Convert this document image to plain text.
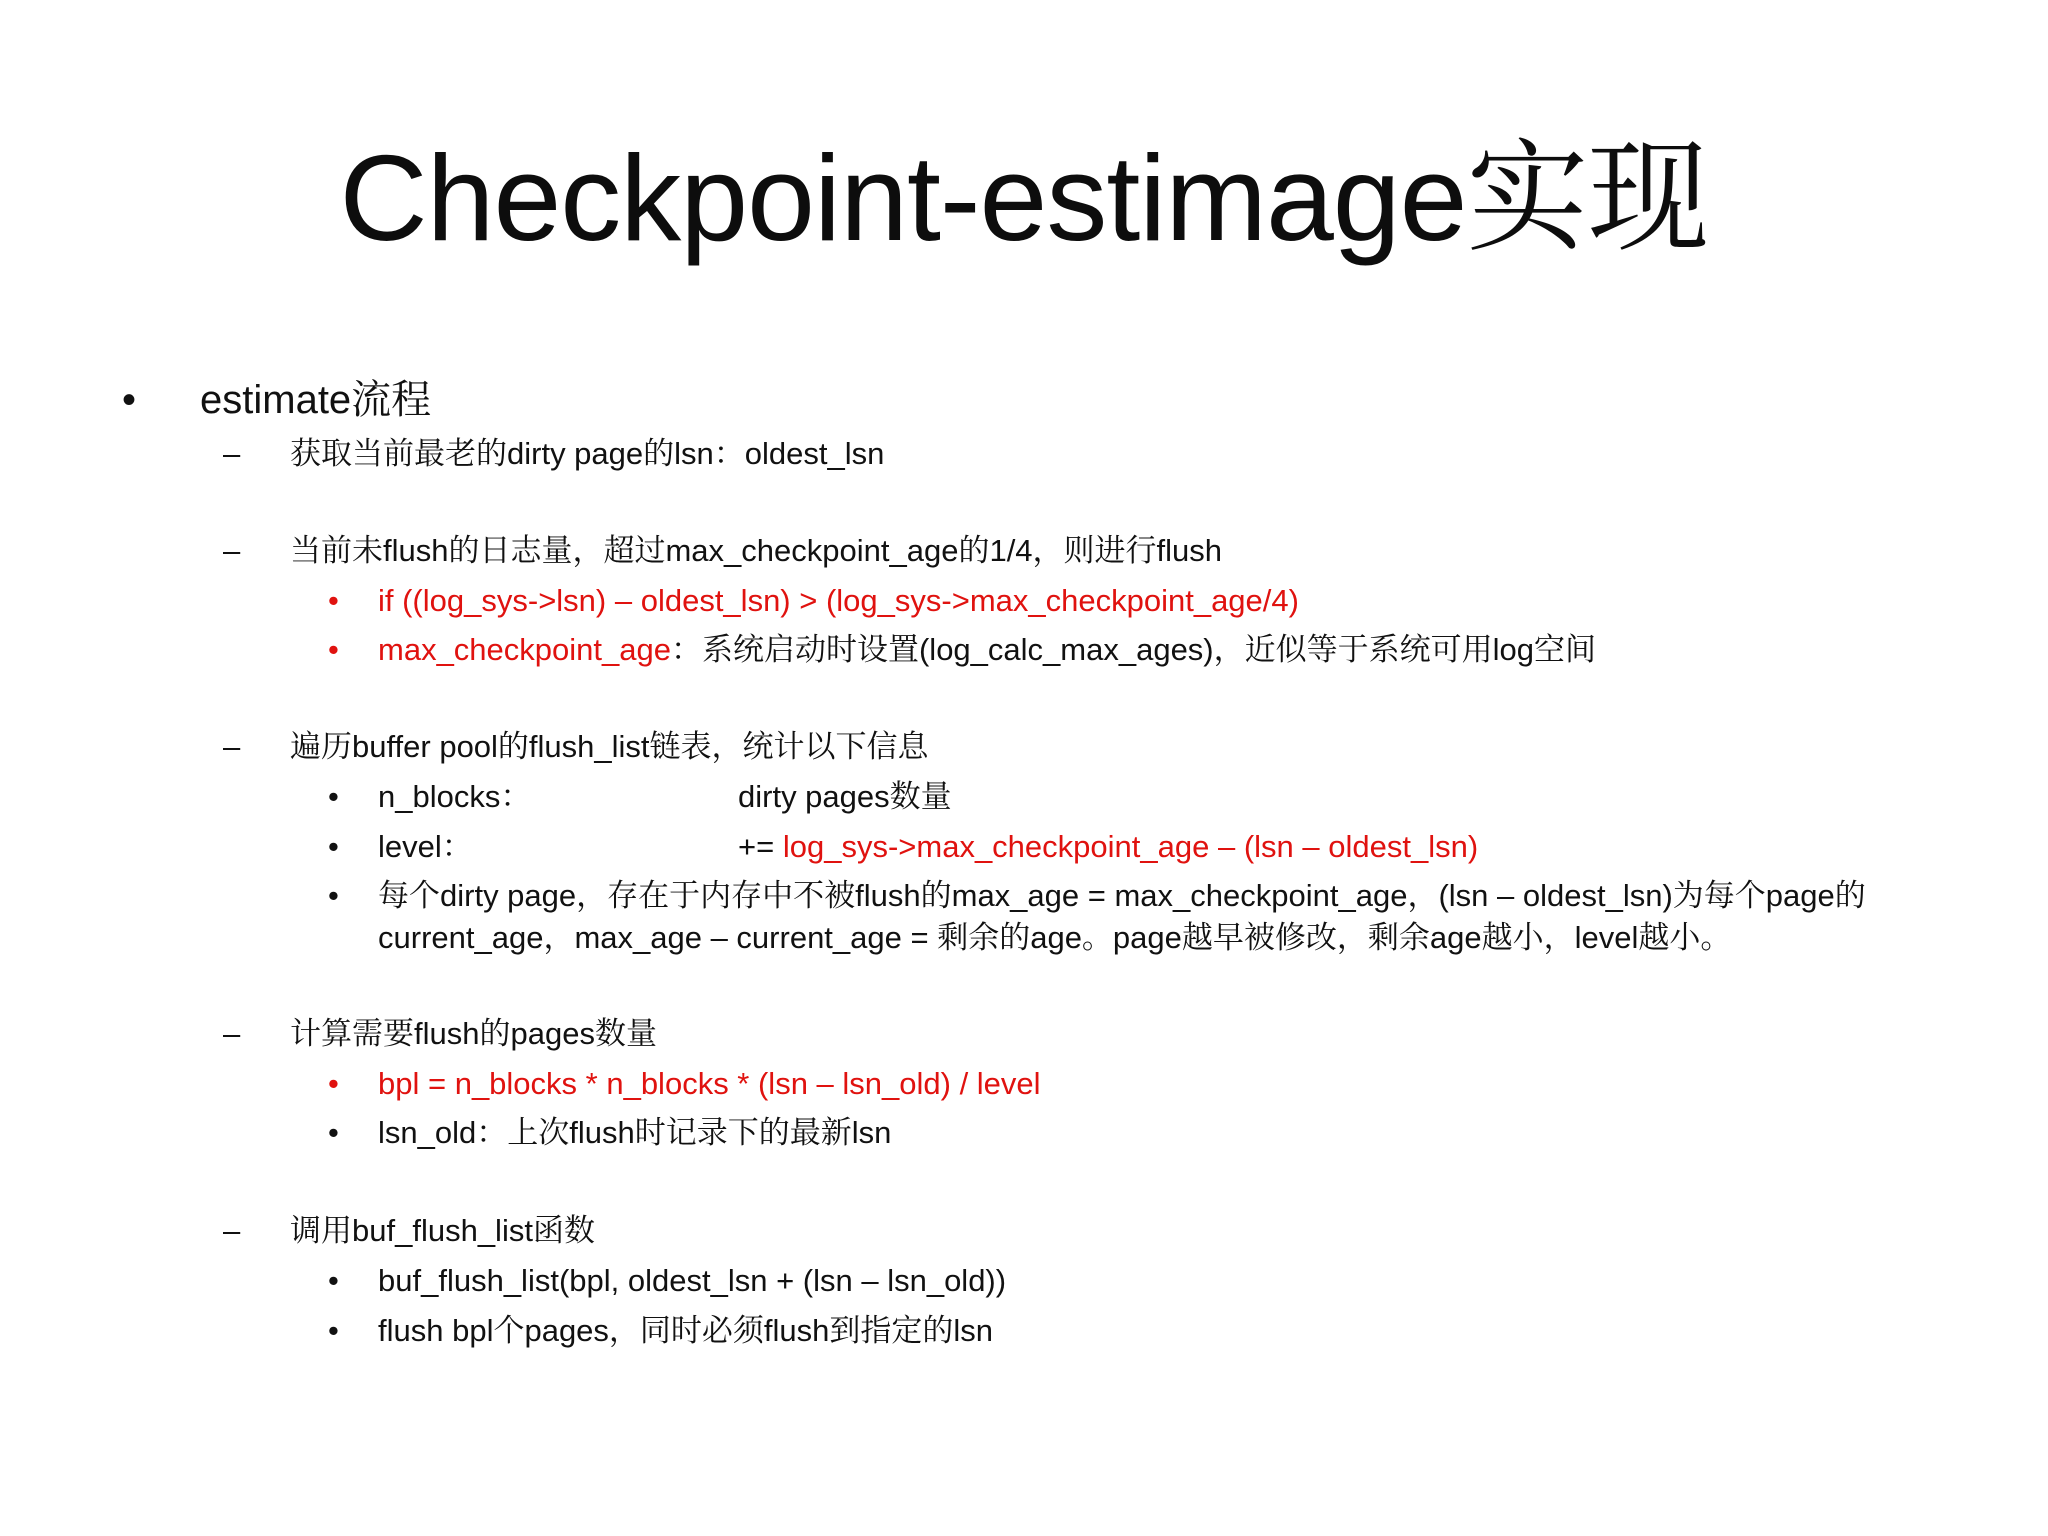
Checkpoint-estimage实现
• estimate流程
– 获取当前最老的dirty page的lsn：oldest_lsn
– 当前未flush的日志量，超过max_checkpoint_age的1/4，则进行flush
• if ((log_sys->lsn) – oldest_lsn) > (log_sys->max_checkpoint_age/4)
• max_checkpoint_age：系统启动时设置(log_calc_max_ages)，近似等于系统可用log空间
– 遍历buffer pool的flush_list链表，统计以下信息
• n_blocks：	dirty pages数量
• level：	+= log_sys->max_checkpoint_age – (lsn – oldest_lsn)
• 每个dirty page，存在于内存中不被flush的max_age = max_checkpoint_age，(lsn – oldest_lsn)为每个page的
current_age，max_age – current_age = 剩余的age。page越早被修改，剩余age越小，level越小。
– 计算需要flush的pages数量
• bpl = n_blocks * n_blocks * (lsn – lsn_old) / level
• lsn_old：上次flush时记录下的最新lsn
– 调用buf_flush_list函数
• buf_flush_list(bpl, oldest_lsn + (lsn – lsn_old))
• flush bpl个pages，同时必须flush到指定的lsn
